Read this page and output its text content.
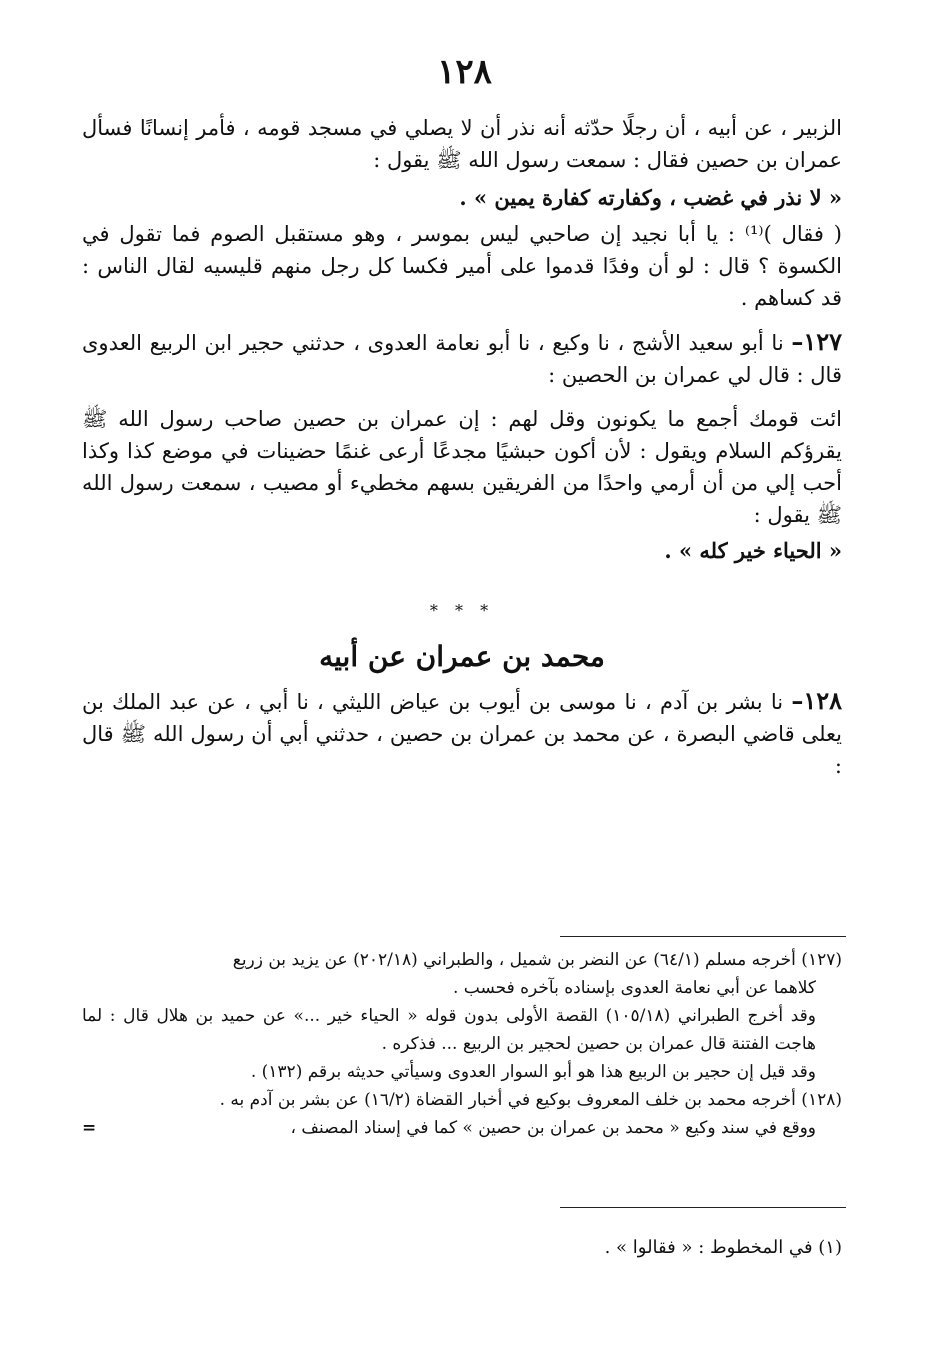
١٢٨

الزبير ، عن أبيه ، أن رجلًا حدّثه أنه نذر أن لا يصلي في مسجد قومه ، فأمر إنسانًا فسأل عمران بن حصين فقال : سمعت رسول الله ﷺ يقول :

« لا نذر في غضب ، وكفارته كفارة يمين » .

( فقال )⁽¹⁾ : يا أبا نجيد إن صاحبي ليس بموسر ، وهو مستقبل الصوم فما تقول في الكسوة ؟ قال : لو أن وفدًا قدموا على أمير فكسا كل رجل منهم قليسيه لقال الناس : قد كساهم .

١٢٧– نا أبو سعيد الأشج ، نا وكيع ، نا أبو نعامة العدوى ، حدثني حجير ابن الربيع العدوى قال : قال لي عمران بن الحصين :

ائت قومك أجمع ما يكونون وقل لهم : إن عمران بن حصين صاحب رسول الله ﷺ يقرؤكم السلام ويقول : لأن أكون حبشيًا مجدعًا أرعى غنمًا حضينات في موضع كذا وكذا أحب إلي من أن أرمي واحدًا من الفريقين بسهم مخطيء أو مصيب ، سمعت رسول الله ﷺ يقول :

« الحياء خير كله » .

* * *

محمد بن عمران عن أبيه

١٢٨– نا بشر بن آدم ، نا موسى بن أيوب بن عياض الليثي ، نا أبي ، عن عبد الملك بن يعلى قاضي البصرة ، عن محمد بن عمران بن حصين ، حدثني أبي أن رسول الله ﷺ قال :

(١٢٧) أخرجه مسلم (٦٤/١) عن النضر بن شميل ، والطبراني (٢٠٢/١٨) عن يزيد بن زريع

كلاهما عن أبي نعامة العدوى بإسناده بآخره فحسب .

وقد أخرج الطبراني (١٠٥/١٨) القصة الأولى بدون قوله « الحياء خير ...» عن حميد بن هلال قال : لما هاجت الفتنة قال عمران بن حصين لحجير بن الربيع ... فذكره .

وقد قيل إن حجير بن الربيع هذا هو أبو السوار العدوى وسيأتي حديثه برقم (١٣٢) .

(١٢٨) أخرجه محمد بن خلف المعروف بوكيع في أخبار القضاة (١٦/٢) عن بشر بن آدم به .

ووقع في سند وكيع « محمد بن عمران بن حصين » كما في إسناد المصنف ،
=

(١) في المخطوط : « فقالوا » .
